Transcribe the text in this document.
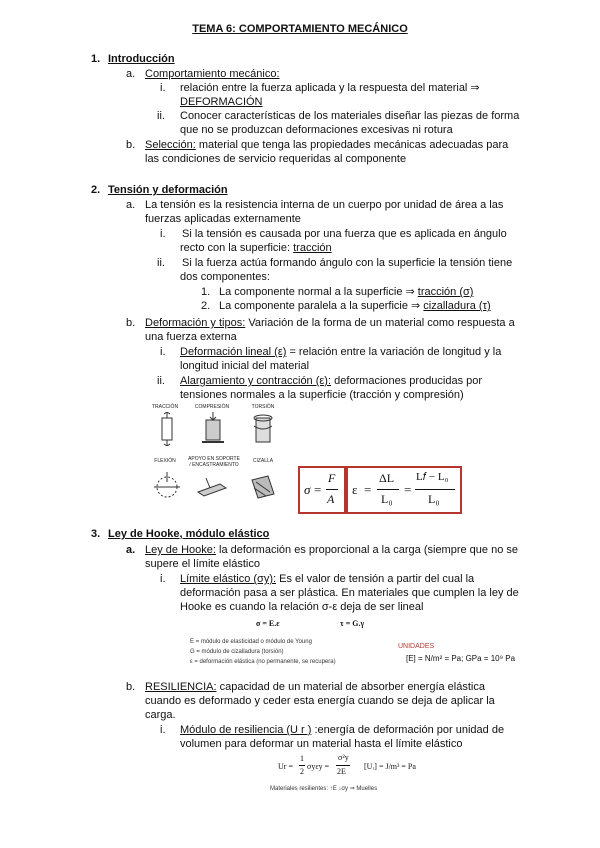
TEMA 6: COMPORTAMIENTO MECÁNICO
1. Introducción
a. Comportamiento mecánico:
i. relación entre la fuerza aplicada y la respuesta del material ⇒
DEFORMACIÓN
ii. Conocer características de los materiales diseñar las piezas de forma
que no se produzcan deformaciones excesivas ni rotura
b. Selección: material que tenga las propiedades mecánicas adecuadas para
las condiciones de servicio requeridas al componente
2. Tensión y deformación
a. La tensión es la resistencia interna de un cuerpo por unidad de área a las
fuerzas aplicadas externamente
i. Si la tensión es causada por una fuerza que es aplicada en ángulo
recto con la superficie: tracción
ii. Si la fuerza actúa formando ángulo con la superficie la tensión tiene
dos componentes:
1. La componente normal a la superficie ⇒ tracción (σ)
2. La componente paralela a la superficie ⇒ cizalladura (τ)
b. Deformación y tipos: Variación de la forma de un material como respuesta a
una fuerza externa
i. Deformación lineal (ε) = relación entre la variación de longitud y la
longitud inicial del material
ii. Alargamiento y contracción (ε): deformaciones producidas por
tensiones normales a la superficie (tracción y compresión)
TRACCIÓN	COMPRESIÓN	TORSIÓN
FLEXIÓN	APOYO EN SOPORTE / ENCASTRAMIENTO
CIZALLA
σ =
F
A
ε =
ΔL
L₀
=
L𝑓 − L₀
L₀
3. Ley de Hooke, módulo elástico
a. Ley de Hooke: la deformación es proporcional a la carga (siempre que no se
supere el límite elástico
i. Límite elástico (σy): Es el valor de tensión a partir del cual la
deformación pasa a ser plástica. En materiales que cumplen la ley de
Hooke es cuando la relación σ-ε deja de ser lineal
σ = E.ε	τ = G.γ
E = módulo de elasticidad o módulo de Young
G = módulo de cizalladura (torsión)
ε = deformación elástica (no permanente, se recupera)
UNIDADES
[E] = N/m² = Pa; GPa = 10⁹ Pa
b. RESILIENCIA: capacidad de un material de absorber energía elástica
cuando es deformado y ceder esta energía cuando se deja de aplicar la
carga.
i. Módulo de resiliencia (U r ) :energía de deformación por unidad de
volumen para deformar un material hasta el límite elástico
Ur =
1
2
σyεy =
σ²y
2E
[Uᵣ] = J/m³ = Pa
Materiales resilientes: ↑E ↓σy ⇒ Muelles
